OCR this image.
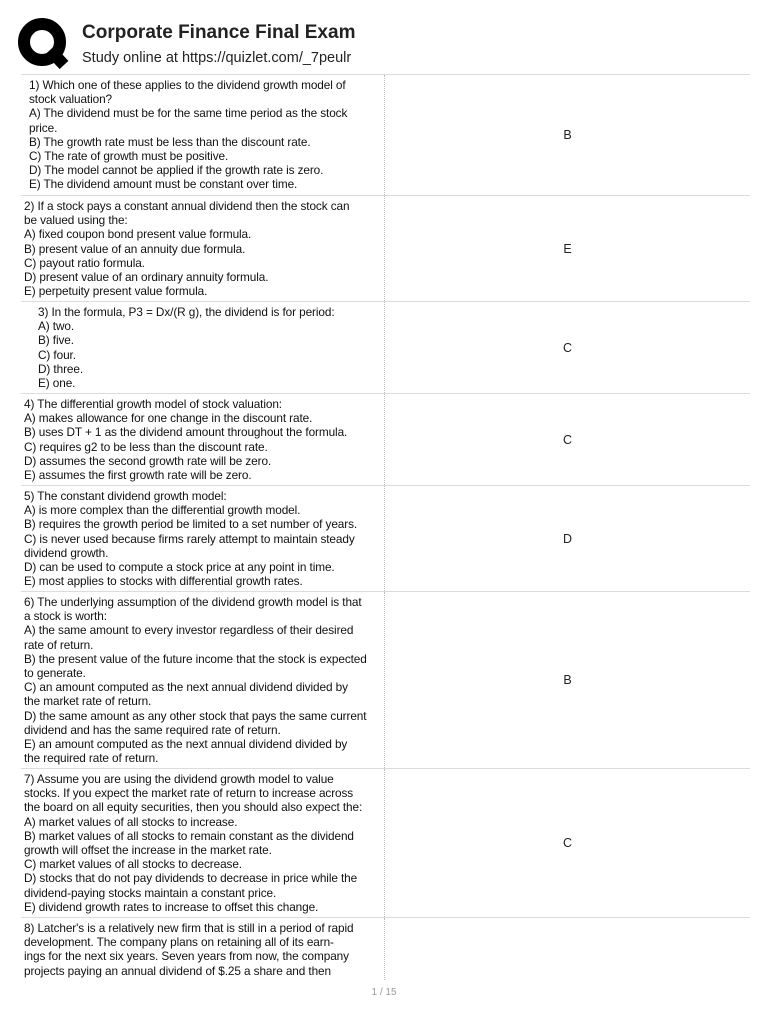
Corporate Finance Final Exam
Study online at https://quizlet.com/_7peulr
1) Which one of these applies to the dividend growth model of
stock valuation?
A) The dividend must be for the same time period as the stock
price.
B) The growth rate must be less than the discount rate.
C) The rate of growth must be positive.
D) The model cannot be applied if the growth rate is zero.
E) The dividend amount must be constant over time.
B
2) If a stock pays a constant annual dividend then the stock can
be valued using the:
A) fixed coupon bond present value formula.
B) present value of an annuity due formula.
C) payout ratio formula.
D) present value of an ordinary annuity formula.
E) perpetuity present value formula.
E
3) In the formula, P3 = Dx/(R g), the dividend is for period:
A) two.
B) five.
C) four.
D) three.
E) one.
C
4) The differential growth model of stock valuation:
A) makes allowance for one change in the discount rate.
B) uses DT + 1 as the dividend amount throughout the formula.
C) requires g2 to be less than the discount rate.
D) assumes the second growth rate will be zero.
E) assumes the first growth rate will be zero.
C
5) The constant dividend growth model:
A) is more complex than the differential growth model.
B) requires the growth period be limited to a set number of years.
C) is never used because firms rarely attempt to maintain steady
dividend growth.
D) can be used to compute a stock price at any point in time.
E) most applies to stocks with differential growth rates.
D
6) The underlying assumption of the dividend growth model is that
a stock is worth:
A) the same amount to every investor regardless of their desired
rate of return.
B) the present value of the future income that the stock is expected
to generate.
C) an amount computed as the next annual dividend divided by
the market rate of return.
D) the same amount as any other stock that pays the same current
dividend and has the same required rate of return.
E) an amount computed as the next annual dividend divided by
the required rate of return.
B
7) Assume you are using the dividend growth model to value
stocks. If you expect the market rate of return to increase across
the board on all equity securities, then you should also expect the:
A) market values of all stocks to increase.
B) market values of all stocks to remain constant as the dividend
growth will offset the increase in the market rate.
C) market values of all stocks to decrease.
D) stocks that do not pay dividends to decrease in price while the
dividend-paying stocks maintain a constant price.
E) dividend growth rates to increase to offset this change.
C
8) Latcher's is a relatively new firm that is still in a period of rapid
development. The company plans on retaining all of its earn-
ings for the next six years. Seven years from now, the company
projects paying an annual dividend of $.25 a share and then
1 / 15
